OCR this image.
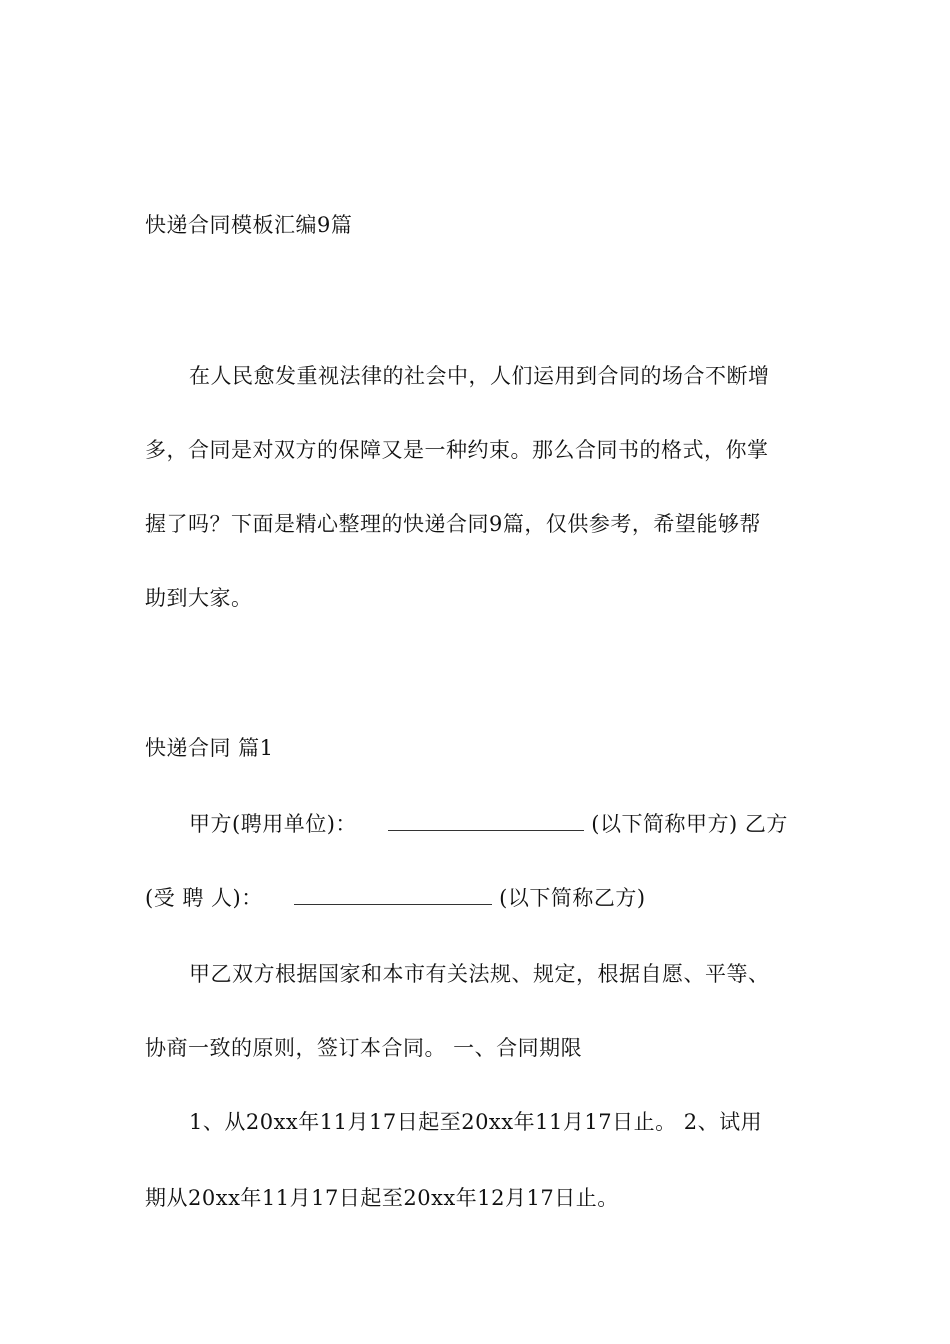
快递合同模板汇编9篇
在人民愈发重视法律的社会中，人们运用到合同的场合不断增
多，合同是对双方的保障又是一种约束。那么合同书的格式，你掌
握了吗？下面是精心整理的快递合同9篇，仅供参考，希望能够帮
助到大家。
快递合同 篇1
甲方(聘用单位)：	(以下简称甲方) 乙方
(受 聘 人)：	(以下简称乙方)
甲乙双方根据国家和本市有关法规、规定，根据自愿、平等、
协商一致的原则，签订本合同。 一、合同期限
1、从20xx年11月17日起至20xx年11月17日止。 2、试用
期从20xx年11月17日起至20xx年12月17日止。
